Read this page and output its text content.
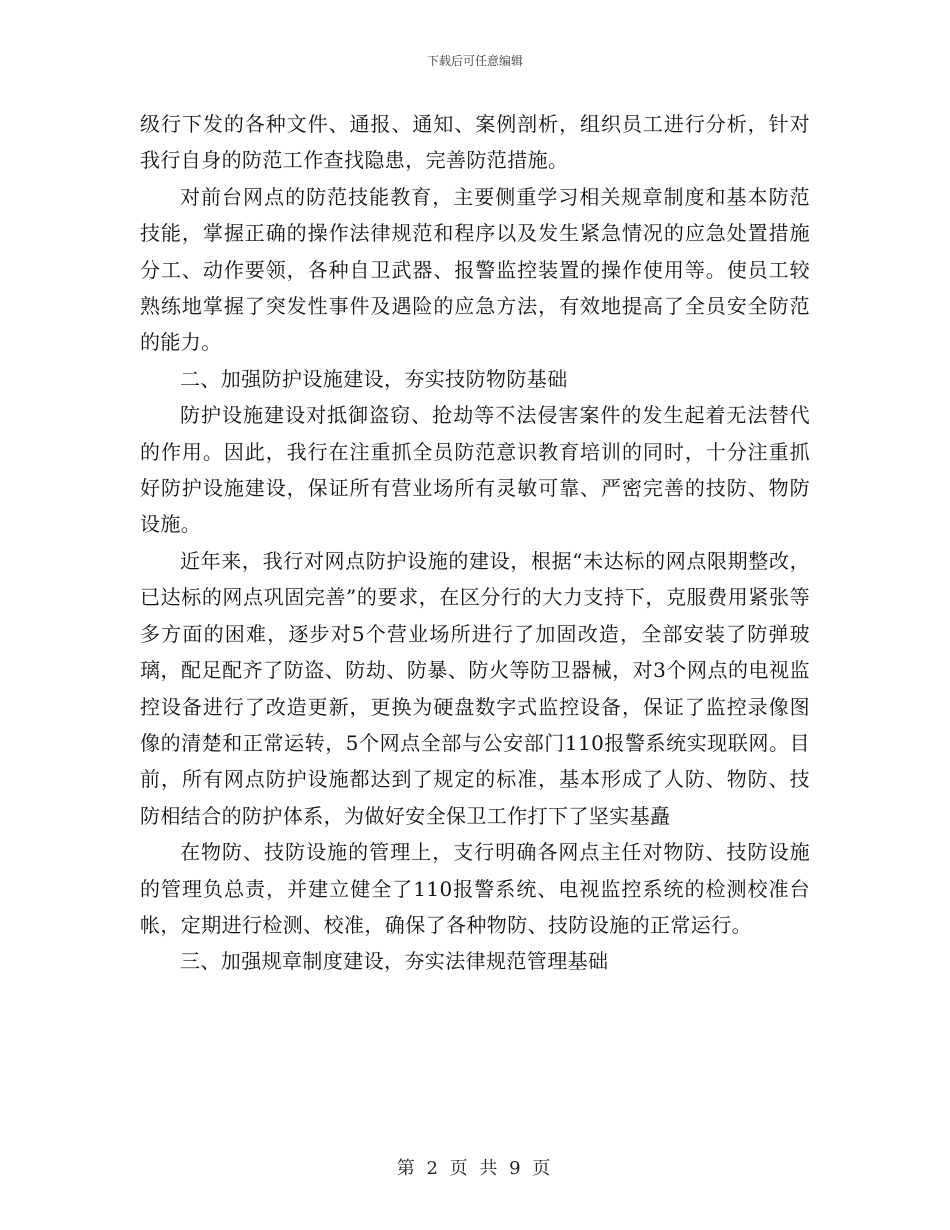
下载后可任意编辑

级行下发的各种文件、通报、通知、案例剖析，组织员工进行分析，针对我行自身的防范工作查找隐患，完善防范措施。

对前台网点的防范技能教育，主要侧重学习相关规章制度和基本防范技能，掌握正确的操作法律规范和程序以及发生紧急情况的应急处置措施分工、动作要领，各种自卫武器、报警监控装置的操作使用等。使员工较熟练地掌握了突发性事件及遇险的应急方法，有效地提高了全员安全防范的能力。

二、加强防护设施建设，夯实技防物防基础

防护设施建设对抵御盗窃、抢劫等不法侵害案件的发生起着无法替代的作用。因此，我行在注重抓全员防范意识教育培训的同时，十分注重抓好防护设施建设，保证所有营业场所有灵敏可靠、严密完善的技防、物防设施。

近年来，我行对网点防护设施的建设，根据“未达标的网点限期整改，已达标的网点巩固完善”的要求，在区分行的大力支持下，克服费用紧张等多方面的困难，逐步对5个营业场所进行了加固改造，全部安装了防弹玻璃，配足配齐了防盗、防劫、防暴、防火等防卫器械，对3个网点的电视监控设备进行了改造更新，更换为硬盘数字式监控设备，保证了监控录像图像的清楚和正常运转，5个网点全部与公安部门110报警系统实现联网。目前，所有网点防护设施都达到了规定的标准，基本形成了人防、物防、技防相结合的防护体系，为做好安全保卫工作打下了坚实基矗

在物防、技防设施的管理上，支行明确各网点主任对物防、技防设施的管理负总责，并建立健全了110报警系统、电视监控系统的检测校准台帐，定期进行检测、校准，确保了各种物防、技防设施的正常运行。

三、加强规章制度建设，夯实法律规范管理基础

第 2 页 共 9 页
